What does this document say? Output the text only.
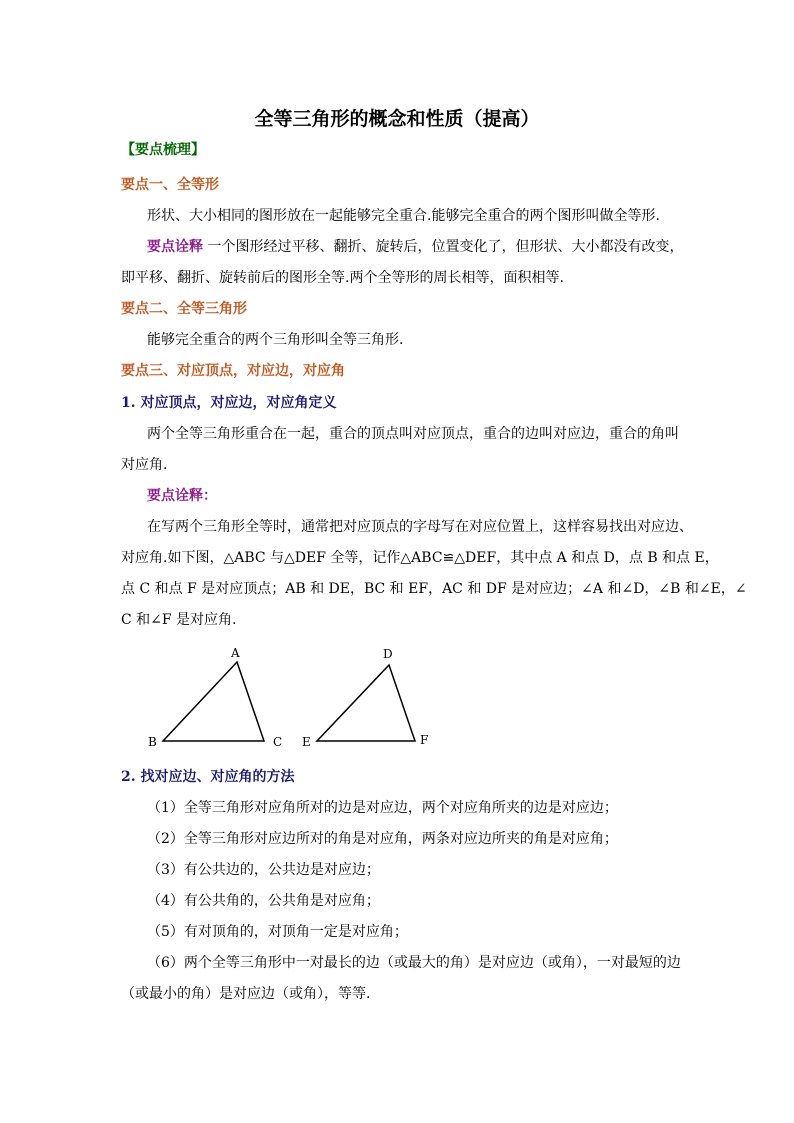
全等三角形的概念和性质（提高）
【要点梳理】
要点一、全等形
形状、大小相同的图形放在一起能够完全重合.能够完全重合的两个图形叫做全等形.
要点诠释 一个图形经过平移、翻折、旋转后，位置变化了，但形状、大小都没有改变，
即平移、翻折、旋转前后的图形全等.两个全等形的周长相等，面积相等.
要点二、全等三角形
能够完全重合的两个三角形叫全等三角形.
要点三、对应顶点，对应边，对应角
1. 对应顶点，对应边，对应角定义
两个全等三角形重合在一起，重合的顶点叫对应顶点，重合的边叫对应边，重合的角叫
对应角.
要点诠释：
在写两个三角形全等时，通常把对应顶点的字母写在对应位置上，这样容易找出对应边、
对应角.如下图，△ABC 与△DEF 全等，记作△ABC≌△DEF，其中点 A 和点 D，点 B 和点 E，
点 C 和点 F 是对应顶点；AB 和 DE，BC 和 EF，AC 和 DF 是对应边；∠A 和∠D，∠B 和∠E，∠
C 和∠F 是对应角.
A
B	C
D
E	F
2. 找对应边、对应角的方法
（1）全等三角形对应角所对的边是对应边，两个对应角所夹的边是对应边；
（2）全等三角形对应边所对的角是对应角，两条对应边所夹的角是对应角；
（3）有公共边的，公共边是对应边；
（4）有公共角的，公共角是对应角；
（5）有对顶角的，对顶角一定是对应角；
（6）两个全等三角形中一对最长的边（或最大的角）是对应边（或角），一对最短的边
（或最小的角）是对应边（或角），等等.
